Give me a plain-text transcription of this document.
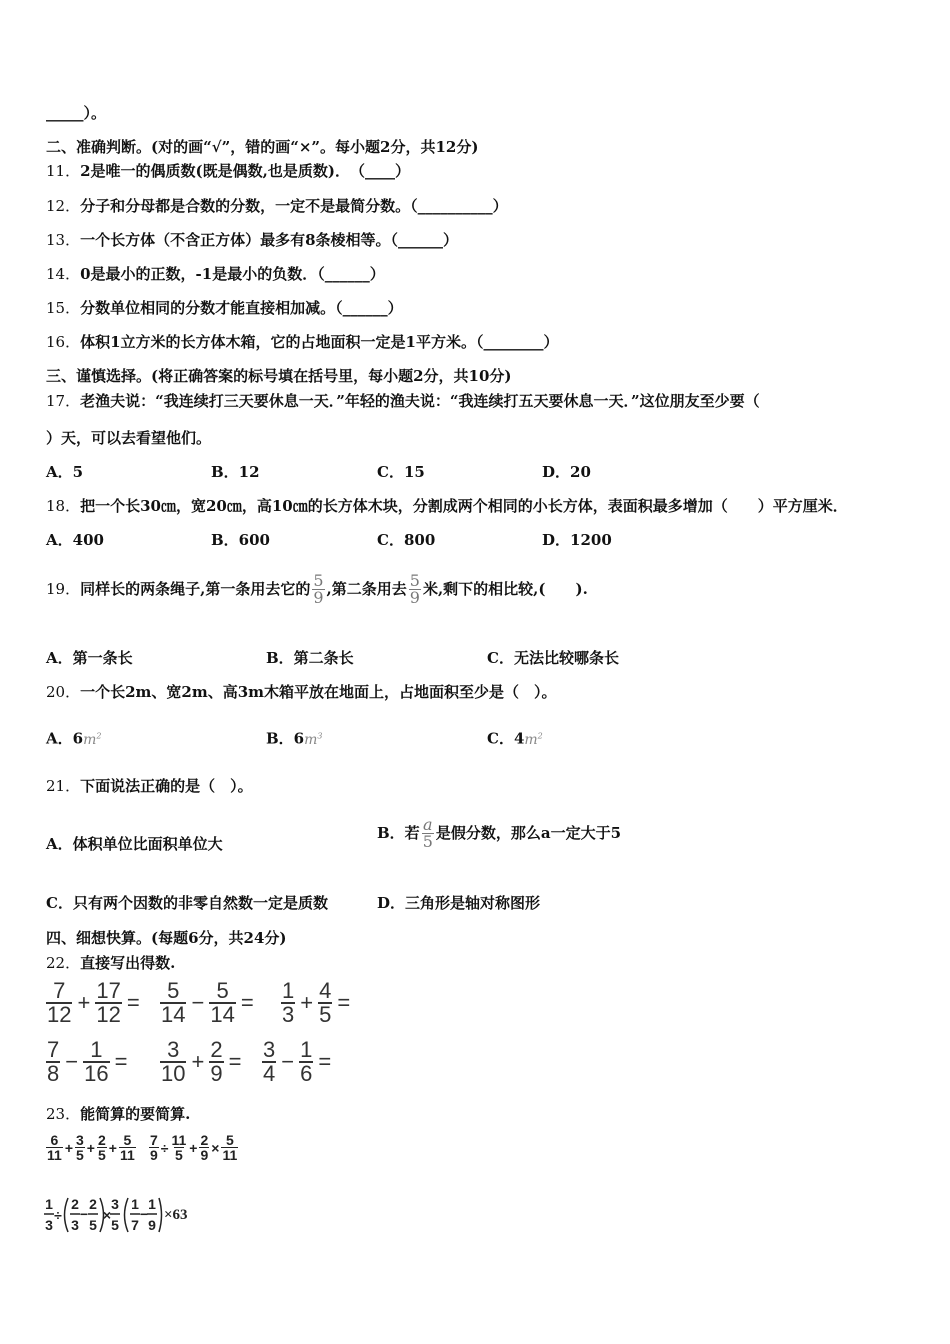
_____）。
二、准确判断。(对的画“√”，错的画“×”。每小题2分，共12分)
11．2是唯一的偶质数(既是偶数,也是质数)．　 （____）
12．分子和分母都是合数的分数，一定不是最简分数。（__________）
13．一个长方体（不含正方体）最多有8条棱相等。（______）
14．0是最小的正数，-1是最小的负数．（______）
15．分数单位相同的分数才能直接相加减。（______）
16．体积1立方米的长方体木箱，它的占地面积一定是1平方米。（________）
三、谨慎选择。(将正确答案的标号填在括号里，每小题2分，共10分)
17．老渔夫说：“我连续打三天要休息一天．”年轻的渔夫说：“我连续打五天要休息一天．”这位朋友至少要（
）天，可以去看望他们。
A．5	B．12	C．15	D．20
18．把一个长30㎝，宽20㎝，高10㎝的长方体木块，分割成两个相同的小长方体，表面积最多增加（　　）平方厘米．
A．400	B．600	C．800	D．1200
19． 同样长的两条绳子,第一条用去它的 $\frac{5}{9}$ ,第二条用去 $\frac{5}{9}$ 米,剩下的相比较,(　　).
A．第一条长	B．第二条长	C．无法比较哪条长
20．一个长2m、宽2m、高3m木箱平放在地面上，占地面积至少是（　）。
A．$6m^2$	B．$6m^3$	C．$4m^2$
21．下面说法正确的是（　）。
A．体积单位比面积单位大
B．若 $\frac{a}{5}$ 是假分数，那么a一定大于5
C．只有两个因数的非零自然数一定是质数	D．三角形是轴对称图形
四、细想快算。(每题6分，共24分)
22．直接写出得数.
$\frac{7}{12} + \frac{17}{12} = \frac{5}{14} - \frac{5}{14} = \frac{1}{3} + \frac{4}{5}$ =
$\frac{7}{8} - \frac{1}{16} = \frac{3}{10} + \frac{2}{9} = \frac{3}{4} - \frac{1}{6}$ =
23．能简算的要简算.
$\frac{6}{11} + \frac{3}{5} + \frac{2}{5} + \frac{5}{11} \frac{7}{9} \div \frac{11}{5} + \frac{2}{9} \times \frac{5}{11}$
1
3
÷
2
3
−
2
5
×
3
5
1
7
−
1
9
×63
